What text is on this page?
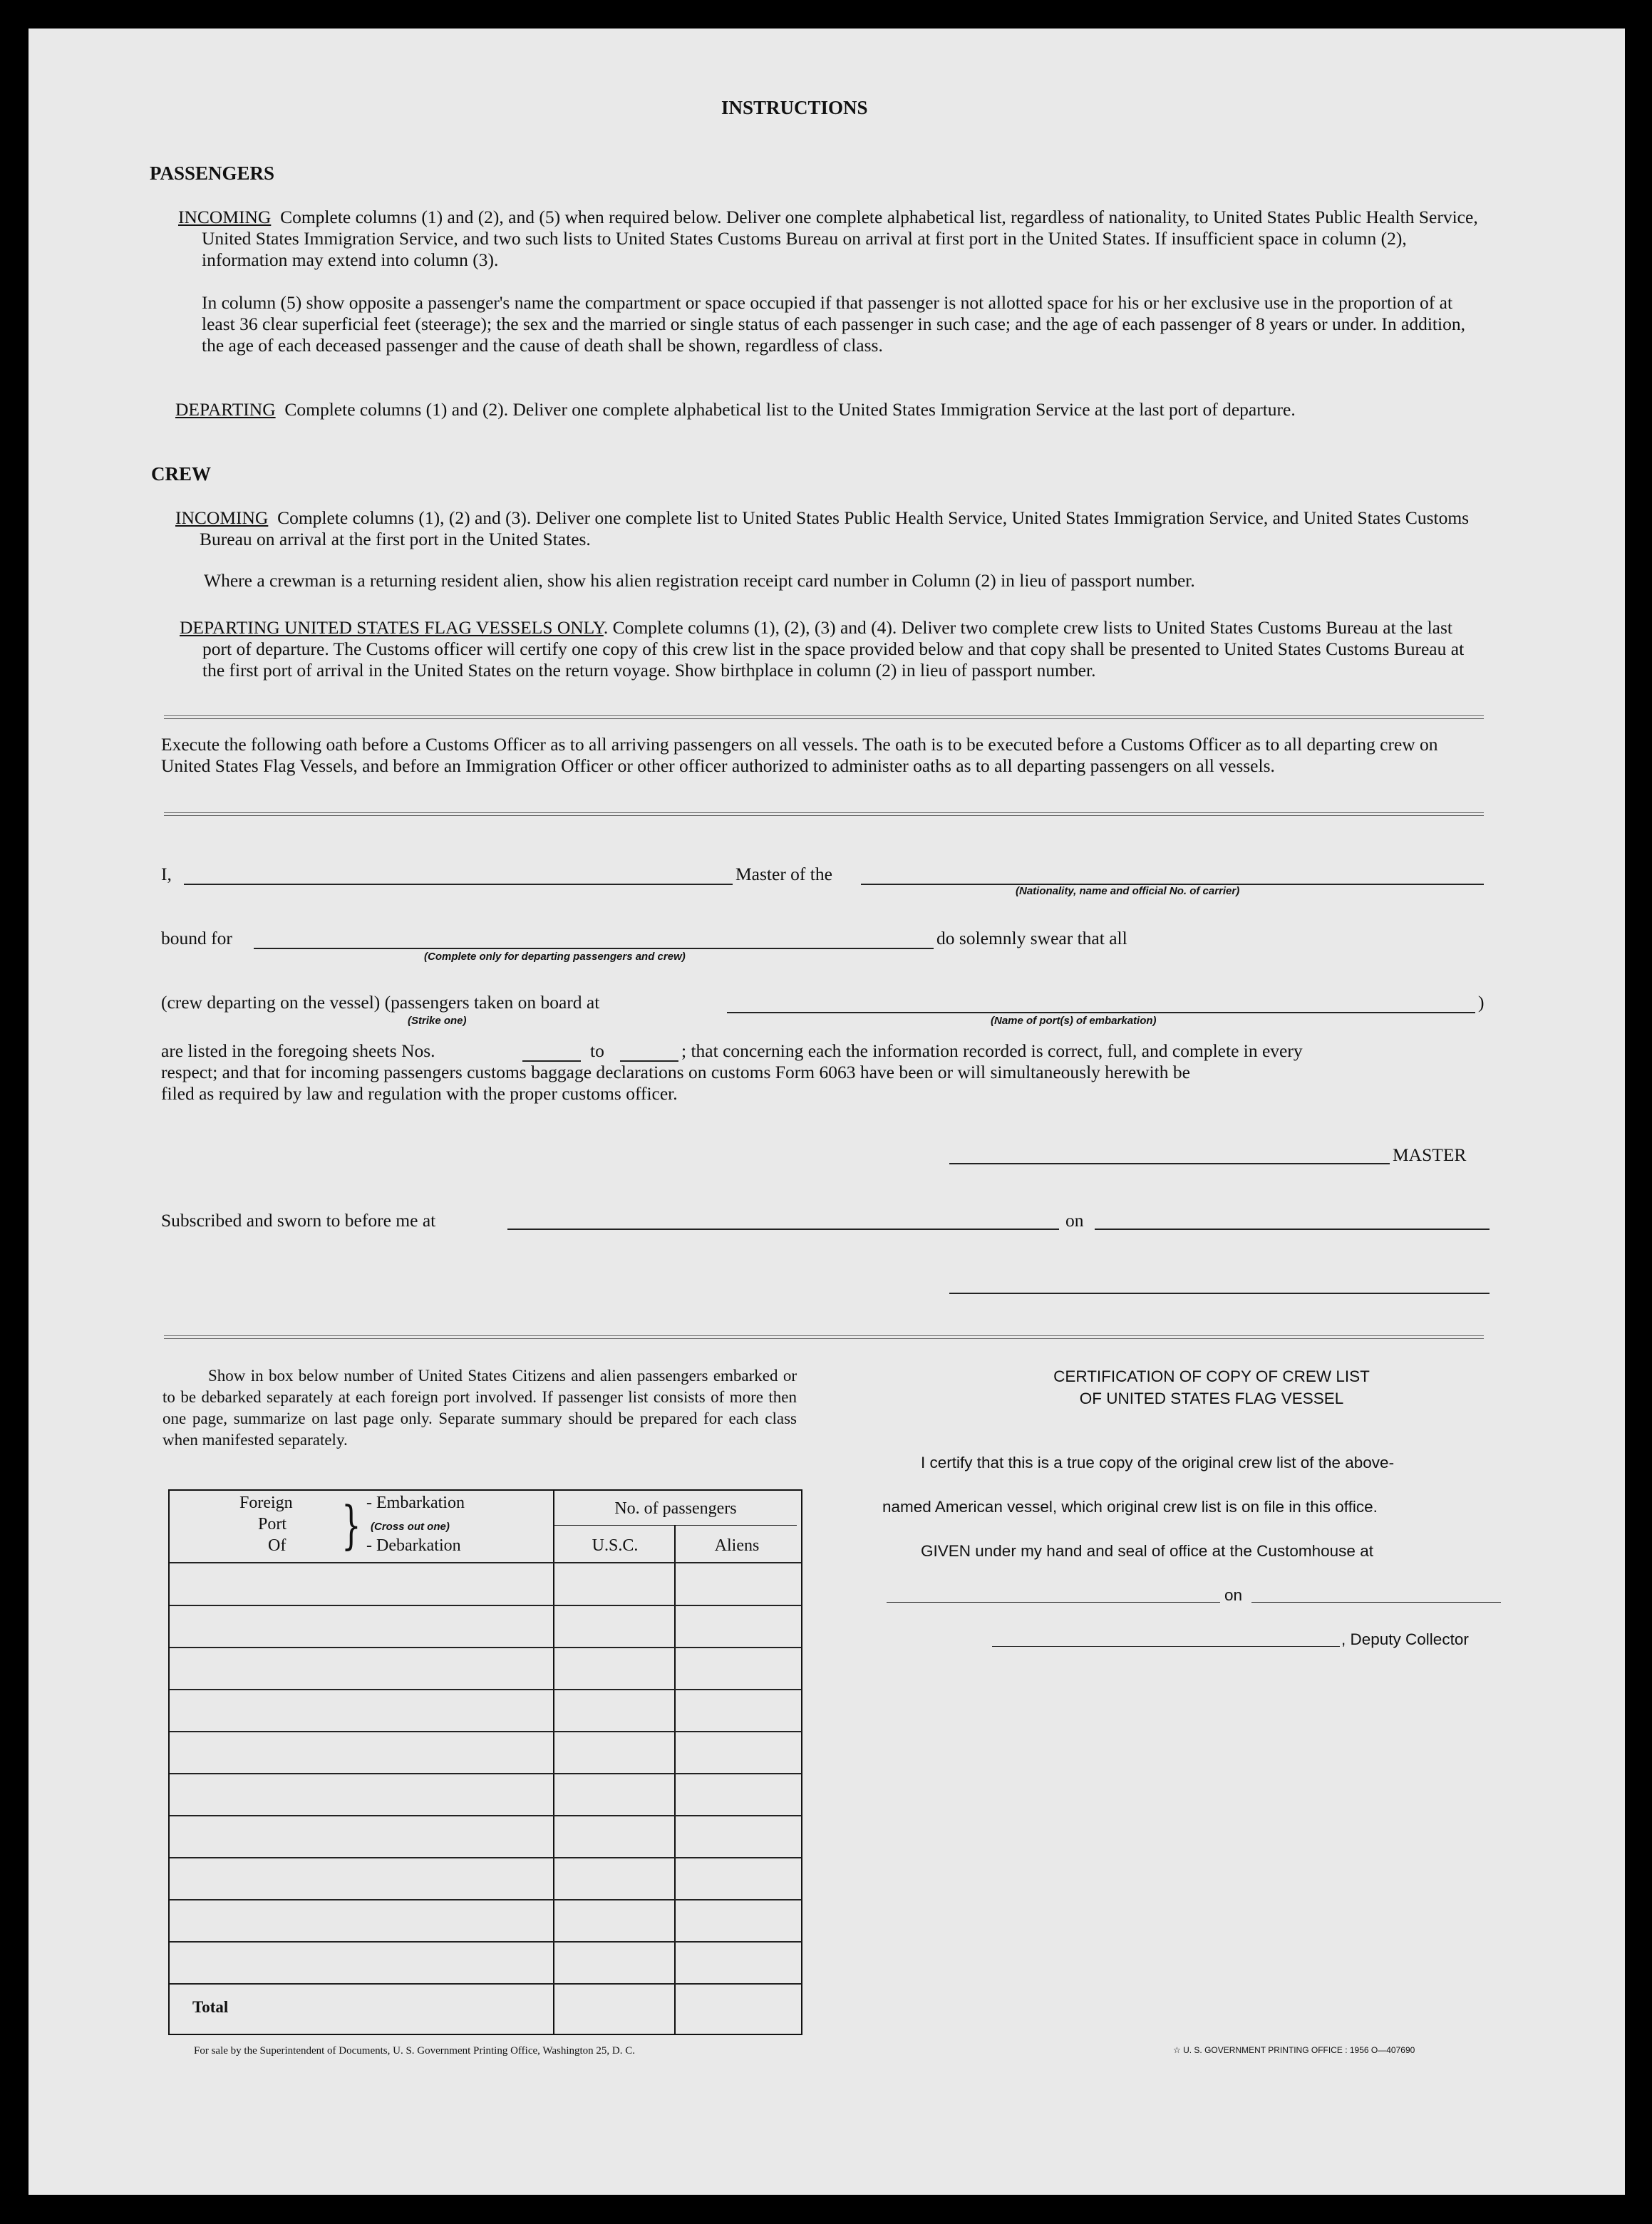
INSTRUCTIONS
PASSENGERS
INCOMING Complete columns (1) and (2), and (5) when required below. Deliver one complete alphabetical list, regardless of nationality, to United States Public Health Service, United States Immigration Service, and two such lists to United States Customs Bureau on arrival at first port in the United States. If insufficient space in column (2), information may extend into column (3).
In column (5) show opposite a passenger's name the compartment or space occupied if that passenger is not allotted space for his or her exclusive use in the proportion of at least 36 clear superficial feet (steerage); the sex and the married or single status of each passenger in such case; and the age of each passenger of 8 years or under. In addition, the age of each deceased passenger and the cause of death shall be shown, regardless of class.
DEPARTING Complete columns (1) and (2). Deliver one complete alphabetical list to the United States Immigration Service at the last port of departure.
CREW
INCOMING Complete columns (1), (2) and (3). Deliver one complete list to United States Public Health Service, United States Immigration Service, and United States Customs Bureau on arrival at the first port in the United States.
Where a crewman is a returning resident alien, show his alien registration receipt card number in Column (2) in lieu of passport number.
DEPARTING UNITED STATES FLAG VESSELS ONLY. Complete columns (1), (2), (3) and (4). Deliver two complete crew lists to United States Customs Bureau at the last port of departure. The Customs officer will certify one copy of this crew list in the space provided below and that copy shall be presented to United States Customs Bureau at the first port of arrival in the United States on the return voyage. Show birthplace in column (2) in lieu of passport number.
Execute the following oath before a Customs Officer as to all arriving passengers on all vessels. The oath is to be executed before a Customs Officer as to all departing crew on United States Flag Vessels, and before an Immigration Officer or other officer authorized to administer oaths as to all departing passengers on all vessels.
I,	Master of the
(Nationality, name and official No. of carrier)
bound for
(Complete only for departing passengers and crew)
do solemnly swear that all
(crew departing on the vessel) (passengers taken on board at
(Strike one)	(Name of port(s) of embarkation)
)
are listed in the foregoing sheets Nos.	to	; that concerning each the information recorded is correct, full, and complete in every
respect; and that for incoming passengers customs baggage declarations on customs Form 6063 have been or will simultaneously herewith be
filed as required by law and regulation with the proper customs officer.
MASTER
Subscribed and sworn to before me at	on
Show in box below number of United States Citizens and alien passengers embarked or to be debarked separately at each foreign port involved. If passenger list consists of more then one page, summarize on last page only. Separate summary should be prepared for each class when manifested separately.
Foreign
Port
Of } - Embarkation
(Cross out one)
- Debarkation
No. of passengers
U.S.C.	Aliens
Total
CERTIFICATION OF COPY OF CREW LIST
OF UNITED STATES FLAG VESSEL
I certify that this is a true copy of the original crew list of the above-
named American vessel, which original crew list is on file in this office.
GIVEN under my hand and seal of office at the Customhouse at
on
, Deputy Collector
For sale by the Superintendent of Documents, U. S. Government Printing Office, Washington 25, D. C.	☆ U. S. GOVERNMENT PRINTING OFFICE : 1956 O—407690
